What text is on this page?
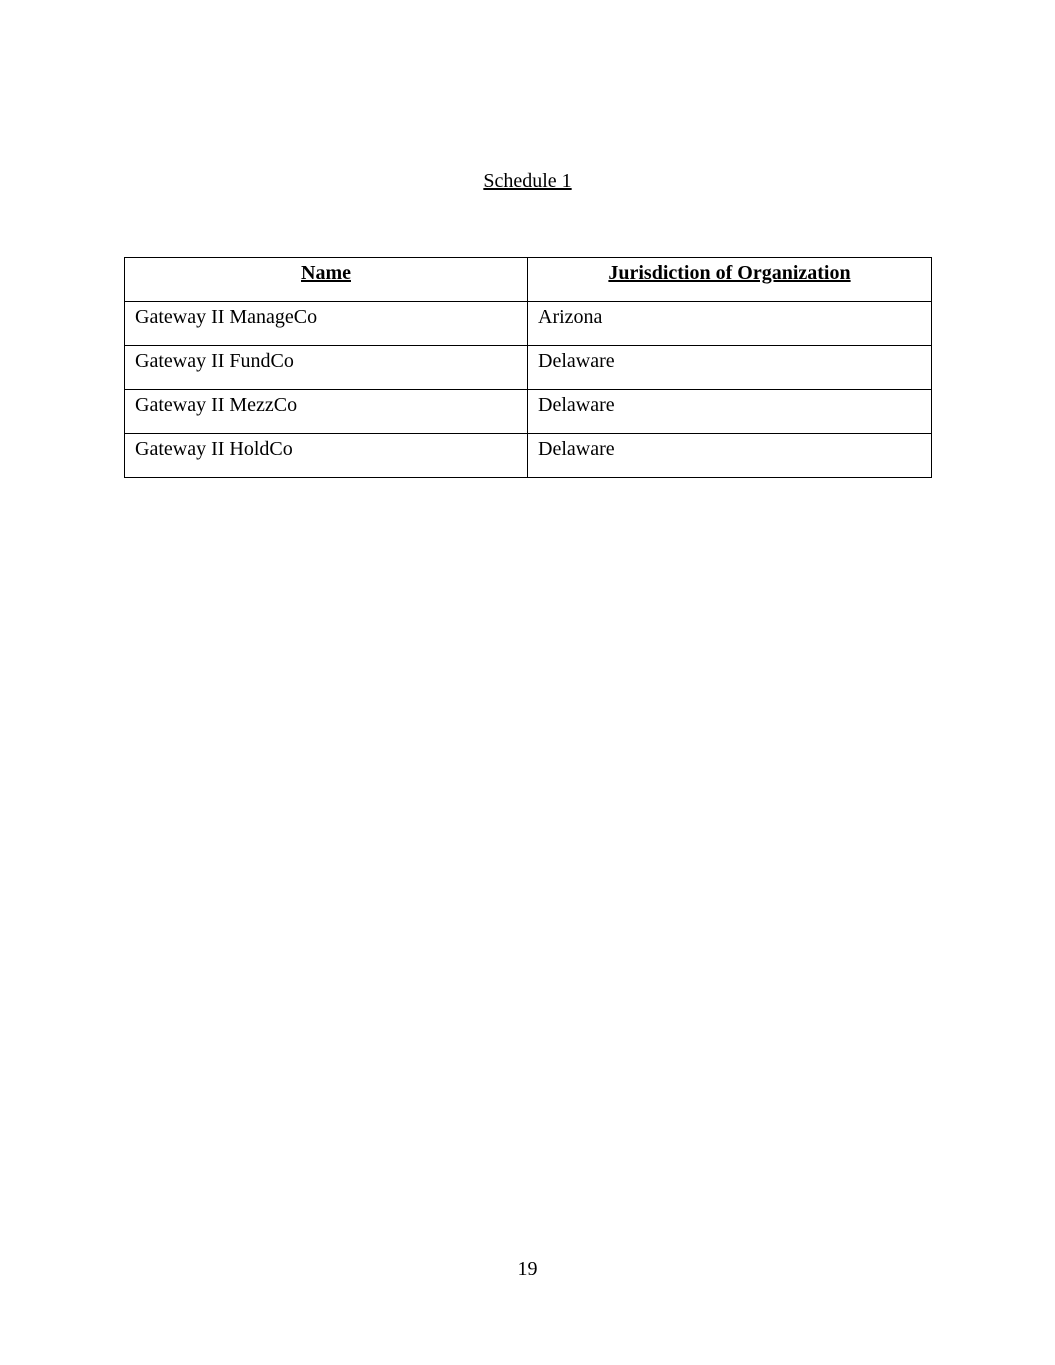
Schedule 1
Name	Jurisdiction of Organization
Gateway II ManageCo	Arizona
Gateway II FundCo	Delaware
Gateway II MezzCo	Delaware
Gateway II HoldCo	Delaware
19
